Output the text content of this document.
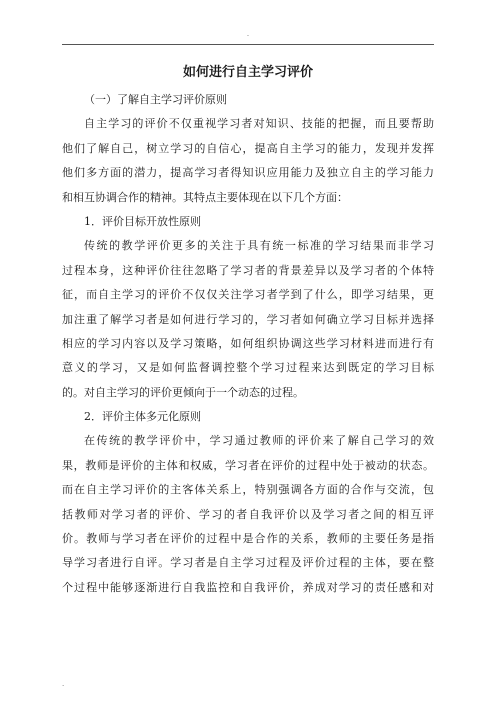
.
如何进行自主学习评价
（一）了解自主学习评价原则
自主学习的评价不仅重视学习者对知识、技能的把握，而且要帮助
他们了解自己，树立学习的自信心，提高自主学习的能力，发现并发挥
他们多方面的潜力，提高学习者得知识应用能力及独立自主的学习能力
和相互协调合作的精神。其特点主要体现在以下几个方面：
1．评价目标开放性原则
传统的教学评价更多的关注于具有统一标准的学习结果而非学习
过程本身，这种评价往往忽略了学习者的背景差异以及学习者的个体特
征，而自主学习的评价不仅仅关注学习者学到了什么，即学习结果，更
加注重了解学习者是如何进行学习的，学习者如何确立学习目标并选择
相应的学习内容以及学习策略，如何组织协调这些学习材料进而进行有
意义的学习，又是如何监督调控整个学习过程来达到既定的学习目标
的。对自主学习的评价更倾向于一个动态的过程。
2．评价主体多元化原则
在传统的教学评价中，学习通过教师的评价来了解自己学习的效
果，教师是评价的主体和权威，学习者在评价的过程中处于被动的状态。
而在自主学习评价的主客体关系上，特别强调各方面的合作与交流，包
括教师对学习者的评价、学习的者自我评价以及学习者之间的相互评
价。教师与学习者在评价的过程中是合作的关系，教师的主要任务是指
导学习者进行自评。学习者是自主学习过程及评价过程的主体，要在整
个过程中能够逐渐进行自我监控和自我评价，养成对学习的责任感和对
.
